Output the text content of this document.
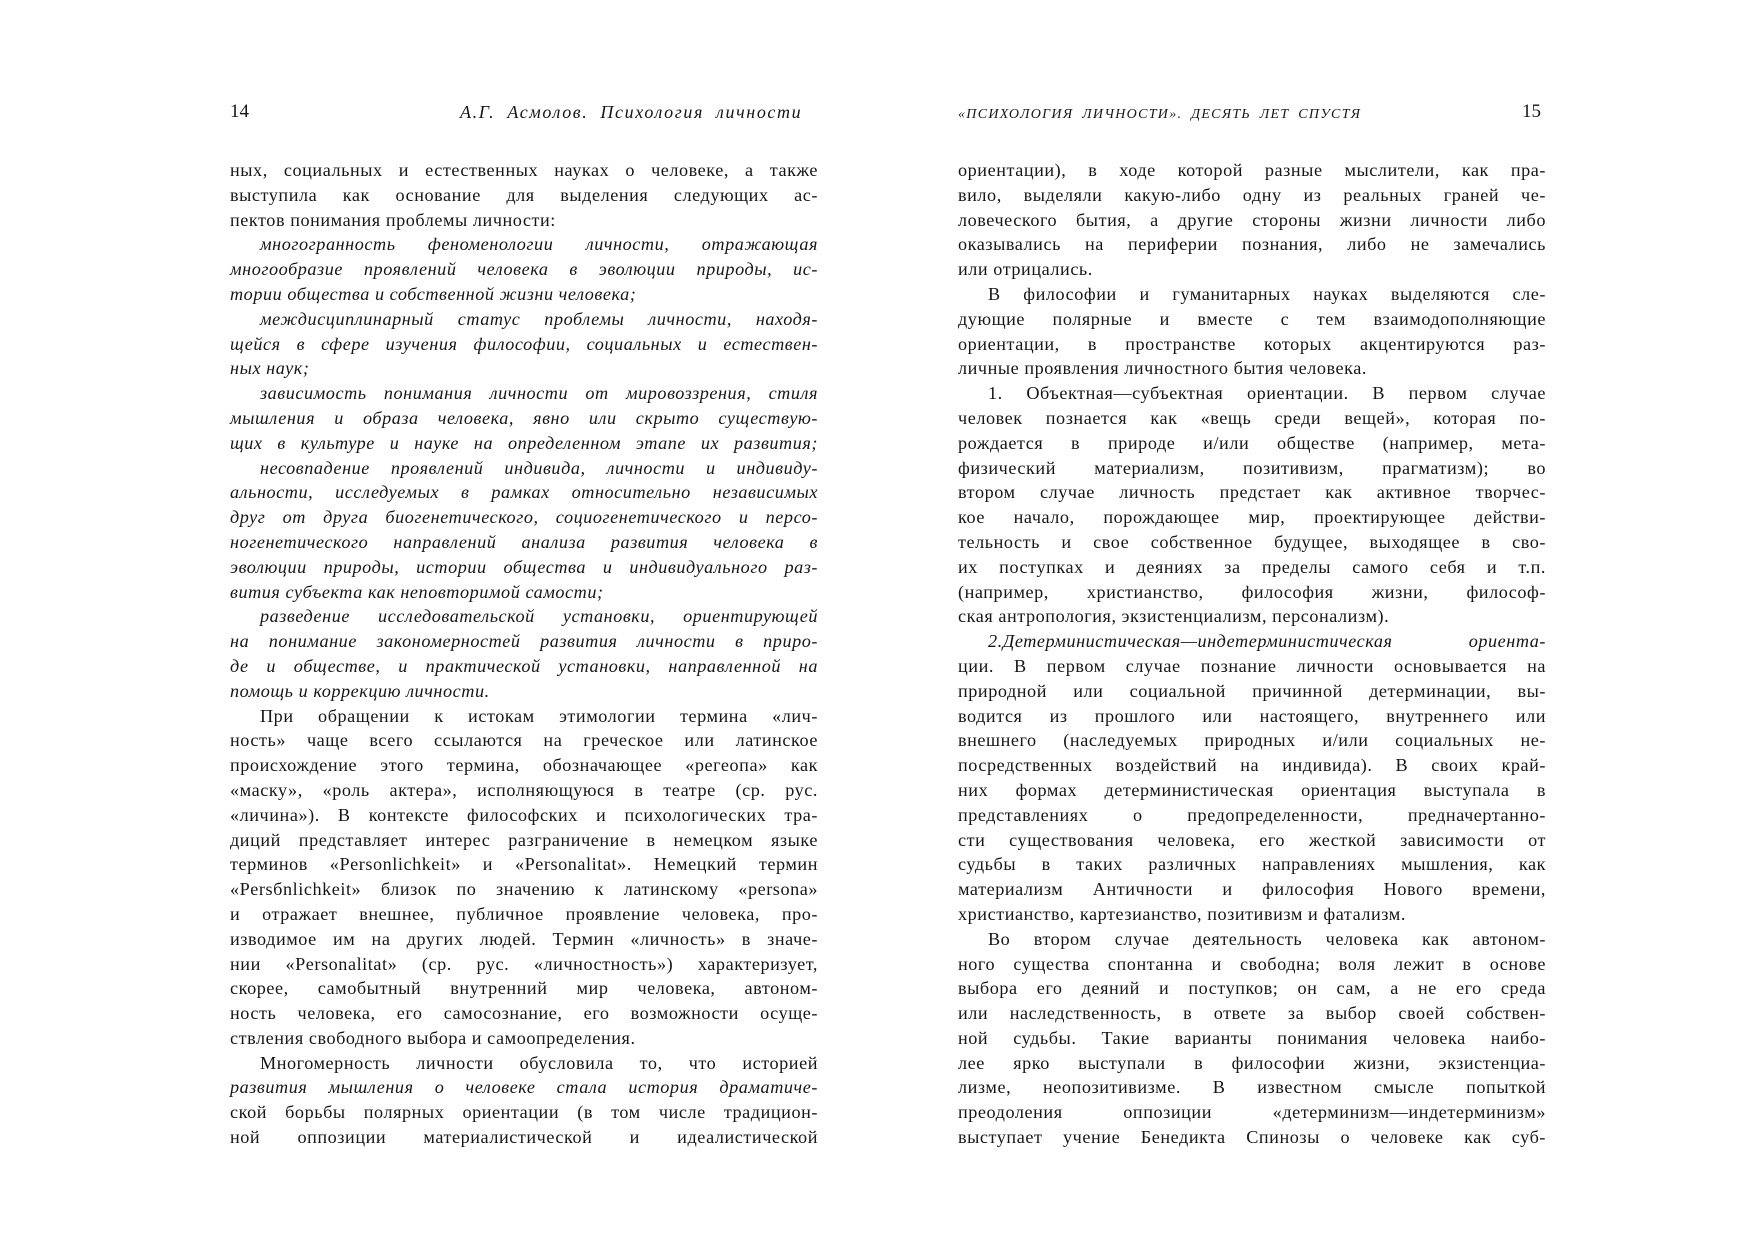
14	А.Г. Асмолов. Психология личности
ных, социальных и естественных науках о человеке, а также
выступила как основание для выделения следующих ас-
пектов понимания проблемы личности:
многогранность феноменологии личности, отражающая
многообразие проявлений человека в эволюции природы, ис-
тории общества и собственной жизни человека;
междисциплинарный статус проблемы личности, находя-
щейся в сфере изучения философии, социальных и естествен-
ных наук;
зависимость понимания личности от мировоззрения, стиля
мышления и образа человека, явно или скрыто существую-
щих в культуре и науке на определенном этапе их развития;
несовпадение проявлений индивида, личности и индивиду-
альности, исследуемых в рамках относительно независимых
друг от друга биогенетического, социогенетического и персо-
ногенетического направлений анализа развития человека в
эволюции природы, истории общества и индивидуального раз-
вития субъекта как неповторимой самости;
разведение исследовательской установки, ориентирующей
на понимание закономерностей развития личности в приро-
де и обществе, и практической установки, направленной на
помощь и коррекцию личности.
При обращении к истокам этимологии термина «лич-
ность» чаще всего ссылаются на греческое или латинское
происхождение этого термина, обозначающее «регеопа» как
«маску», «роль актера», исполняющуюся в театре (ср. рус.
«личина»). В контексте философских и психологических тра-
диций представляет интерес разграничение в немецком языке
терминов «Personlichkeit» и «Personalitat». Немецкий термин
«Persбnlichkeit» близок по значению к латинскому «persona»
и отражает внешнее, публичное проявление человека, про-
изводимое им на других людей. Термин «личность» в значе-
нии «Personalitat» (ср. рус. «личностность») характеризует,
скорее, самобытный внутренний мир человека, автоном-
ность человека, его самосознание, его возможности осуще-
ствления свободного выбора и самоопределения.
Многомерность личности обусловила то, что историей
развития мышления о человеке стала история драматиче-
ской борьбы полярных ориентации (в том числе традицион-
ной оппозиции материалистической и идеалистической
«ПСИХОЛОГИЯ ЛИЧНОСТИ». ДЕСЯТЬ ЛЕТ СПУСТЯ	15
ориентации), в ходе которой разные мыслители, как пра-
вило, выделяли какую-либо одну из реальных граней че-
ловеческого бытия, а другие стороны жизни личности либо
оказывались на периферии познания, либо не замечались
или отрицались.
В философии и гуманитарных науках выделяются сле-
дующие полярные и вместе с тем взаимодополняющие
ориентации, в пространстве которых акцентируются раз-
личные проявления личностного бытия человека.
1. Объектная—субъектная ориентации. В первом случае
человек познается как «вещь среди вещей», которая по-
рождается в природе и/или обществе (например, мета-
физический материализм, позитивизм, прагматизм); во
втором случае личность предстает как активное творчес-
кое начало, порождающее мир, проектирующее действи-
тельность и свое собственное будущее, выходящее в сво-
их поступках и деяниях за пределы самого себя и т.п.
(например, христианство, философия жизни, философ-
ская антропология, экзистенциализм, персонализм).
2.Детерминистическая—индетерминистическая ориента-
ции. В первом случае познание личности основывается на
природной или социальной причинной детерминации, вы-
водится из прошлого или настоящего, внутреннего или
внешнего (наследуемых природных и/или социальных не-
посредственных воздействий на индивида). В своих край-
них формах детерминистическая ориентация выступала в
представлениях о предопределенности, предначертанно-
сти существования человека, его жесткой зависимости от
судьбы в таких различных направлениях мышления, как
материализм Античности и философия Нового времени,
христианство, картезианство, позитивизм и фатализм.
Во втором случае деятельность человека как автоном-
ного существа спонтанна и свободна; воля лежит в основе
выбора его деяний и поступков; он сам, а не его среда
или наследственность, в ответе за выбор своей собствен-
ной судьбы. Такие варианты понимания человека наибо-
лее ярко выступали в философии жизни, экзистенциа-
лизме, неопозитивизме. В известном смысле попыткой
преодоления оппозиции «детерминизм—индетерминизм»
выступает учение Бенедикта Спинозы о человеке как суб-
